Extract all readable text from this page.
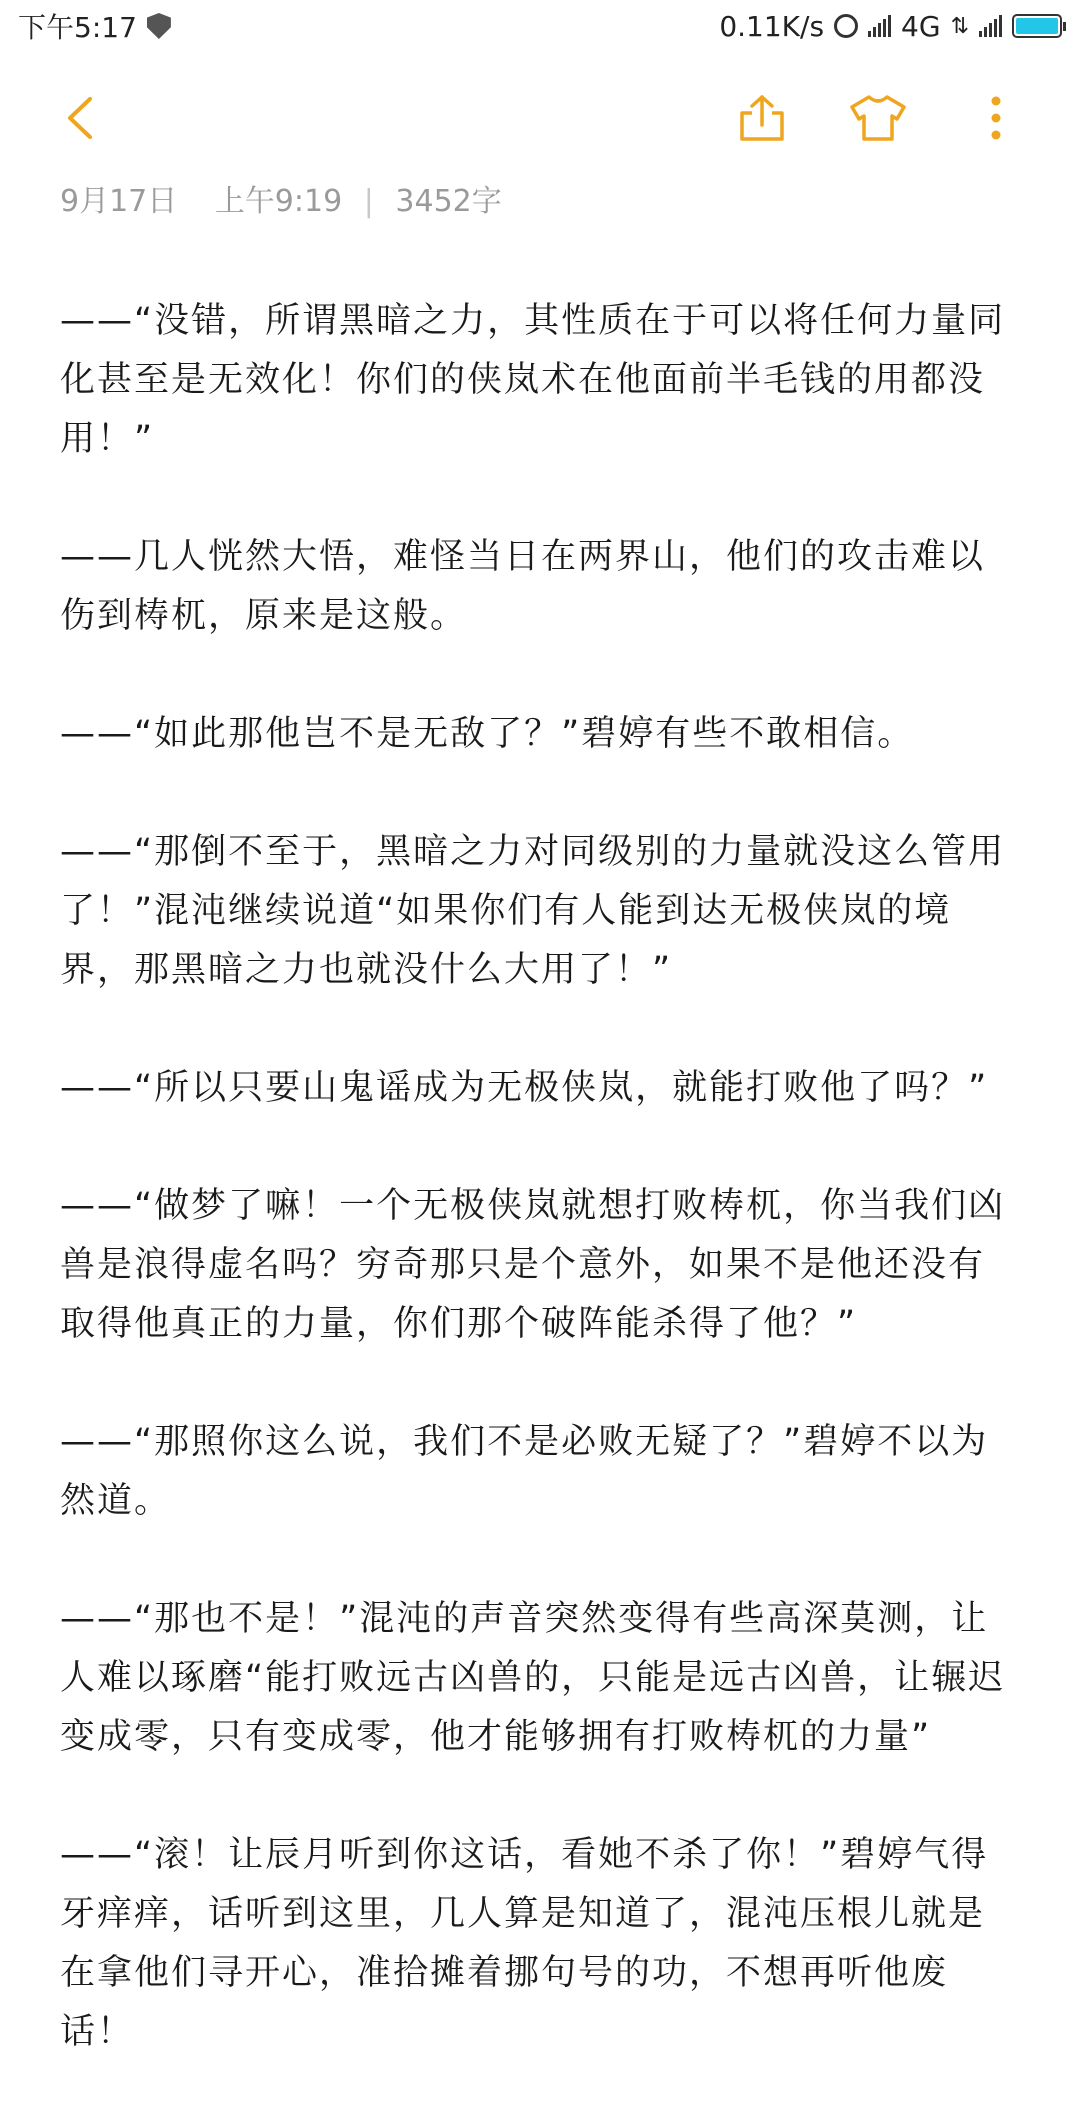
下午5:17	0.11K/s	4G ⇅
9月17日 上午9:19 | 3452字

——“没错，所谓黑暗之力，其性质在于可以将任何力量同化甚至是无效化！你们的侠岚术在他面前半毛钱的用都没用！”

——几人恍然大悟，难怪当日在两界山，他们的攻击难以伤到梼杌，原来是这般。

——“如此那他岂不是无敌了？”碧婷有些不敢相信。

——“那倒不至于，黑暗之力对同级别的力量就没这么管用了！”混沌继续说道“如果你们有人能到达无极侠岚的境界，那黑暗之力也就没什么大用了！”

——“所以只要山鬼谣成为无极侠岚，就能打败他了吗？”

——“做梦了嘛！一个无极侠岚就想打败梼杌，你当我们凶兽是浪得虚名吗？穷奇那只是个意外，如果不是他还没有取得他真正的力量，你们那个破阵能杀得了他？”

——“那照你这么说，我们不是必败无疑了？”碧婷不以为然道。

——“那也不是！”混沌的声音突然变得有些高深莫测，让人难以琢磨“能打败远古凶兽的，只能是远古凶兽，让辗迟变成零，只有变成零，他才能够拥有打败梼杌的力量”

——“滚！让辰月听到你这话，看她不杀了你！”碧婷气得牙痒痒，话听到这里，几人算是知道了，混沌压根儿就是在拿他们寻开心，准拾摊着挪句号的功，不想再听他废话！
